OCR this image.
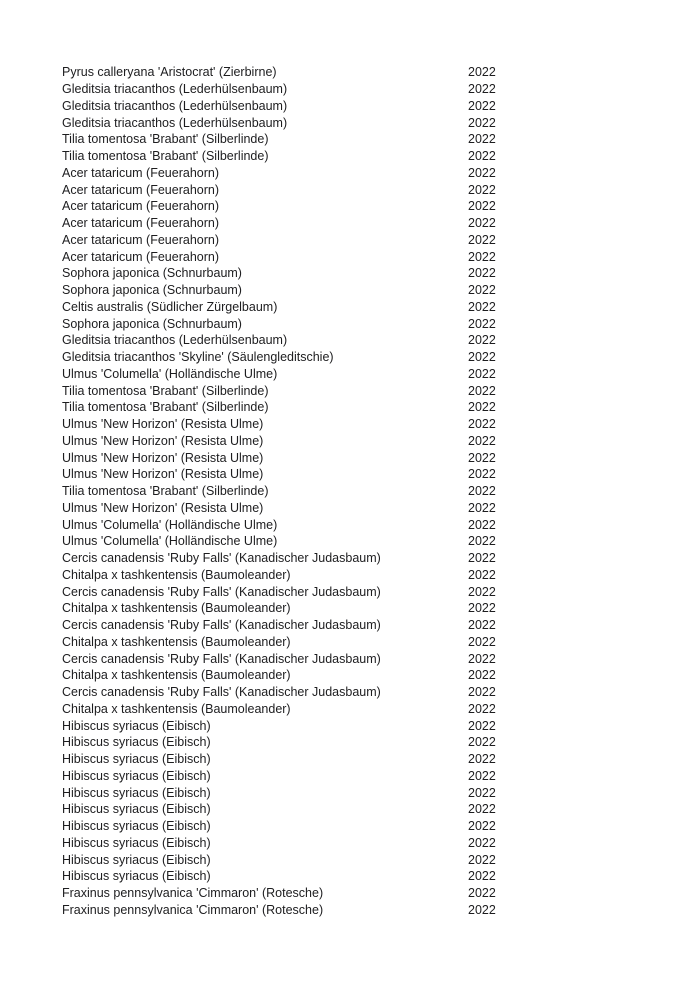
Pyrus calleryana 'Aristocrat' (Zierbirne)	2022
Gleditsia triacanthos (Lederhülsenbaum)	2022
Gleditsia triacanthos (Lederhülsenbaum)	2022
Gleditsia triacanthos (Lederhülsenbaum)	2022
Tilia tomentosa 'Brabant' (Silberlinde)	2022
Tilia tomentosa 'Brabant' (Silberlinde)	2022
Acer tataricum (Feuerahorn)	2022
Acer tataricum (Feuerahorn)	2022
Acer tataricum (Feuerahorn)	2022
Acer tataricum (Feuerahorn)	2022
Acer tataricum (Feuerahorn)	2022
Acer tataricum (Feuerahorn)	2022
Sophora japonica (Schnurbaum)	2022
Sophora japonica (Schnurbaum)	2022
Celtis australis (Südlicher Zürgelbaum)	2022
Sophora japonica (Schnurbaum)	2022
Gleditsia triacanthos (Lederhülsenbaum)	2022
Gleditsia triacanthos 'Skyline' (Säulengleditschie)	2022
Ulmus 'Columella' (Holländische Ulme)	2022
Tilia tomentosa 'Brabant' (Silberlinde)	2022
Tilia tomentosa 'Brabant' (Silberlinde)	2022
Ulmus 'New Horizon' (Resista Ulme)	2022
Ulmus 'New Horizon' (Resista Ulme)	2022
Ulmus 'New Horizon' (Resista Ulme)	2022
Ulmus 'New Horizon' (Resista Ulme)	2022
Tilia tomentosa 'Brabant' (Silberlinde)	2022
Ulmus 'New Horizon' (Resista Ulme)	2022
Ulmus 'Columella' (Holländische Ulme)	2022
Ulmus 'Columella' (Holländische Ulme)	2022
Cercis canadensis 'Ruby Falls' (Kanadischer Judasbaum)	2022
Chitalpa x tashkentensis (Baumoleander)	2022
Cercis canadensis 'Ruby Falls' (Kanadischer Judasbaum)	2022
Chitalpa x tashkentensis (Baumoleander)	2022
Cercis canadensis 'Ruby Falls' (Kanadischer Judasbaum)	2022
Chitalpa x tashkentensis (Baumoleander)	2022
Cercis canadensis 'Ruby Falls' (Kanadischer Judasbaum)	2022
Chitalpa x tashkentensis (Baumoleander)	2022
Cercis canadensis 'Ruby Falls' (Kanadischer Judasbaum)	2022
Chitalpa x tashkentensis (Baumoleander)	2022
Hibiscus syriacus (Eibisch)	2022
Hibiscus syriacus (Eibisch)	2022
Hibiscus syriacus (Eibisch)	2022
Hibiscus syriacus (Eibisch)	2022
Hibiscus syriacus (Eibisch)	2022
Hibiscus syriacus (Eibisch)	2022
Hibiscus syriacus (Eibisch)	2022
Hibiscus syriacus (Eibisch)	2022
Hibiscus syriacus (Eibisch)	2022
Hibiscus syriacus (Eibisch)	2022
Fraxinus pennsylvanica 'Cimmaron' (Rotesche)	2022
Fraxinus pennsylvanica 'Cimmaron' (Rotesche)	2022
